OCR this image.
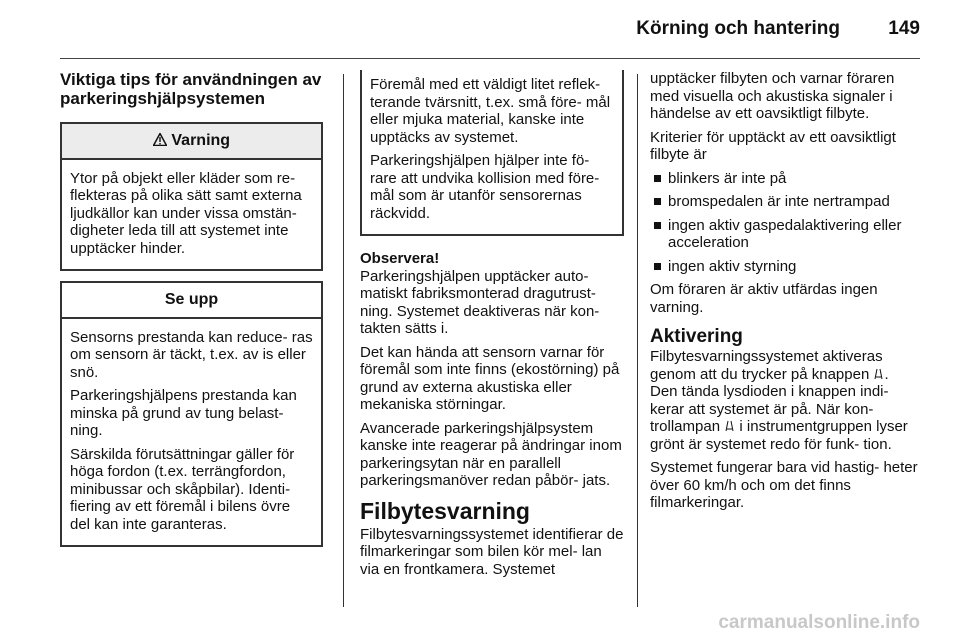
Körning och hantering	149
Viktiga tips för användningen av parkeringshjälpsystemen
Varning

Ytor på objekt eller kläder som re- flekteras på olika sätt samt externa ljudkällor kan under vissa omstän- digheter leda till att systemet inte upptäcker hinder.

Se upp

Sensorns prestanda kan reduce- ras om sensorn är täckt, t.ex. av is eller snö.

Parkeringshjälpens prestanda kan minska på grund av tung belast- ning.

Särskilda förutsättningar gäller för höga fordon (t.ex. terrängfordon, minibussar och skåpbilar). Identi- fiering av ett föremål i bilens övre del kan inte garanteras.

Föremål med ett väldigt litet reflek- terande tvärsnitt, t.ex. små före- mål eller mjuka material, kanske inte upptäcks av systemet.

Parkeringshjälpen hjälper inte fö- rare att undvika kollision med före- mål som är utanför sensorernas räckvidd.

Observera!

Parkeringshjälpen upptäcker auto- matiskt fabriksmonterad dragutrust- ning. Systemet deaktiveras när kon- takten sätts i.

Det kan hända att sensorn varnar för föremål som inte finns (ekostörning) på grund av externa akustiska eller mekaniska störningar.

Avancerade parkeringshjälpsystem kanske inte reagerar på ändringar inom parkeringsytan när en parallell parkeringsmanöver redan påbör- jats.

Filbytesvarning

Filbytesvarningssystemet identifierar de filmarkeringar som bilen kör mel- lan via en frontkamera. Systemet

upptäcker filbyten och varnar föraren med visuella och akustiska signaler i händelse av ett oavsiktligt filbyte.

Kriterier för upptäckt av ett oavsiktligt filbyte är

blinkers är inte på
bromspedalen är inte nertrampad
ingen aktiv gaspedalaktivering eller acceleration
ingen aktiv styrning

Om föraren är aktiv utfärdas ingen varning.

Aktivering

Filbytesvarningssystemet aktiveras genom att du trycker på knappen . Den tända lysdioden i knappen indi- kerar att systemet är på. När kon- trollampan i instrumentgruppen lyser grönt är systemet redo för funk- tion.

Systemet fungerar bara vid hastig- heter över 60 km/h och om det finns filmarkeringar.

carmanualsonline.info
